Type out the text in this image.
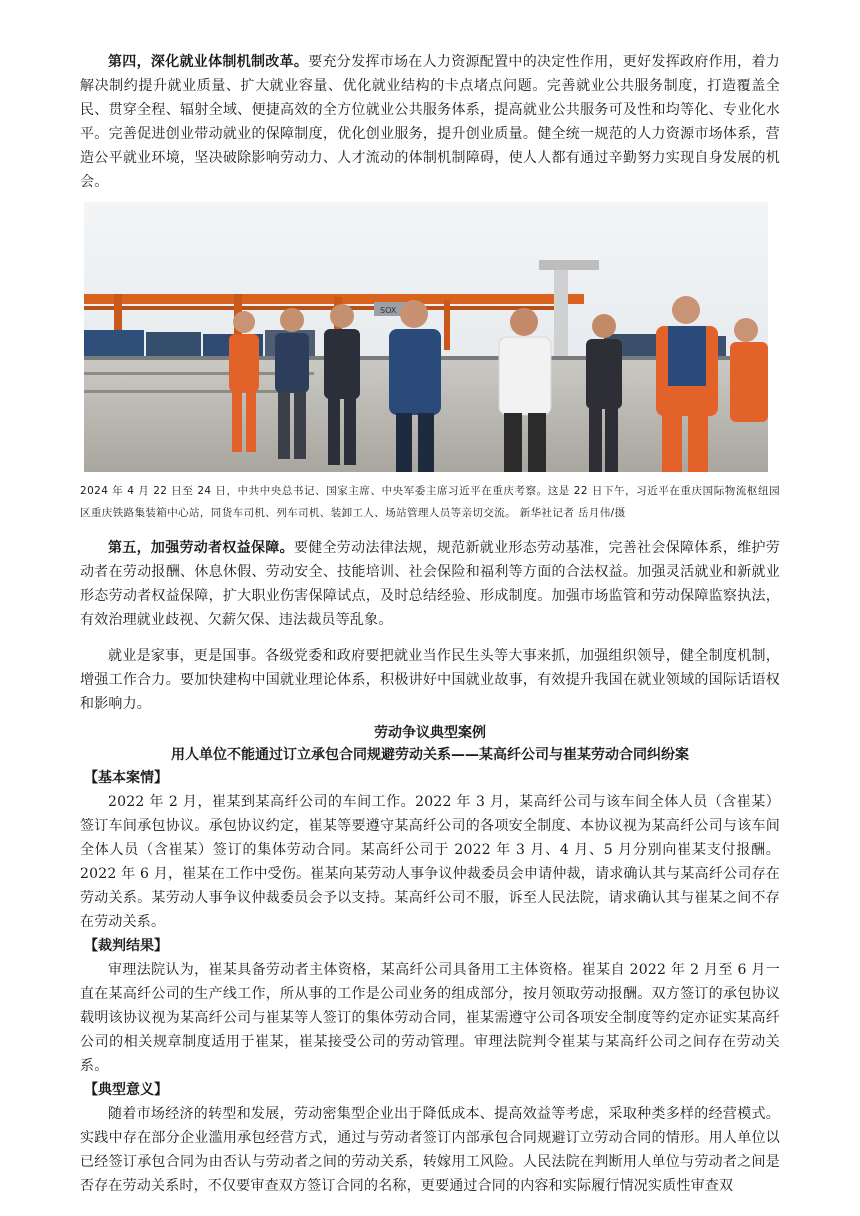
第四，深化就业体制机制改革。要充分发挥市场在人力资源配置中的决定性作用，更好发挥政府作用，着力解决制约提升就业质量、扩大就业容量、优化就业结构的卡点堵点问题。完善就业公共服务制度，打造覆盖全民、贯穿全程、辐射全域、便捷高效的全方位就业公共服务体系，提高就业公共服务可及性和均等化、专业化水平。完善促进创业带动就业的保障制度，优化创业服务，提升创业质量。健全统一规范的人力资源市场体系，营造公平就业环境，坚决破除影响劳动力、人才流动的体制机制障碍，使人人都有通过辛勤努力实现自身发展的机会。

SOX

2024 年 4 月 22 日至 24 日，中共中央总书记、国家主席、中央军委主席习近平在重庆考察。这是 22 日下午，习近平在重庆国际物流枢纽园区重庆铁路集装箱中心站，同货车司机、列车司机、装卸工人、场站管理人员等亲切交流。 新华社记者 岳月伟/摄

第五，加强劳动者权益保障。要健全劳动法律法规，规范新就业形态劳动基准，完善社会保障体系，维护劳动者在劳动报酬、休息休假、劳动安全、技能培训、社会保险和福利等方面的合法权益。加强灵活就业和新就业形态劳动者权益保障，扩大职业伤害保障试点，及时总结经验、形成制度。加强市场监管和劳动保障监察执法，有效治理就业歧视、欠薪欠保、违法裁员等乱象。

就业是家事，更是国事。各级党委和政府要把就业当作民生头等大事来抓，加强组织领导，健全制度机制，增强工作合力。要加快建构中国就业理论体系，积极讲好中国就业故事，有效提升我国在就业领域的国际话语权和影响力。

劳动争议典型案例
用人单位不能通过订立承包合同规避劳动关系——某高纤公司与崔某劳动合同纠纷案
【基本案情】

2022 年 2 月，崔某到某高纤公司的车间工作。2022 年 3 月，某高纤公司与该车间全体人员（含崔某）签订车间承包协议。承包协议约定，崔某等要遵守某高纤公司的各项安全制度、本协议视为某高纤公司与该车间全体人员（含崔某）签订的集体劳动合同。某高纤公司于 2022 年 3 月、4 月、5 月分别向崔某支付报酬。2022 年 6 月，崔某在工作中受伤。崔某向某劳动人事争议仲裁委员会申请仲裁，请求确认其与某高纤公司存在劳动关系。某劳动人事争议仲裁委员会予以支持。某高纤公司不服，诉至人民法院，请求确认其与崔某之间不存在劳动关系。

【裁判结果】

审理法院认为，崔某具备劳动者主体资格，某高纤公司具备用工主体资格。崔某自 2022 年 2 月至 6 月一直在某高纤公司的生产线工作，所从事的工作是公司业务的组成部分，按月领取劳动报酬。双方签订的承包协议载明该协议视为某高纤公司与崔某等人签订的集体劳动合同，崔某需遵守公司各项安全制度等约定亦证实某高纤公司的相关规章制度适用于崔某，崔某接受公司的劳动管理。审理法院判令崔某与某高纤公司之间存在劳动关系。

【典型意义】

随着市场经济的转型和发展，劳动密集型企业出于降低成本、提高效益等考虑，采取种类多样的经营模式。实践中存在部分企业滥用承包经营方式，通过与劳动者签订内部承包合同规避订立劳动合同的情形。用人单位以已经签订承包合同为由否认与劳动者之间的劳动关系，转嫁用工风险。人民法院在判断用人单位与劳动者之间是否存在劳动关系时，不仅要审查双方签订合同的名称，更要通过合同的内容和实际履行情况实质性审查双
